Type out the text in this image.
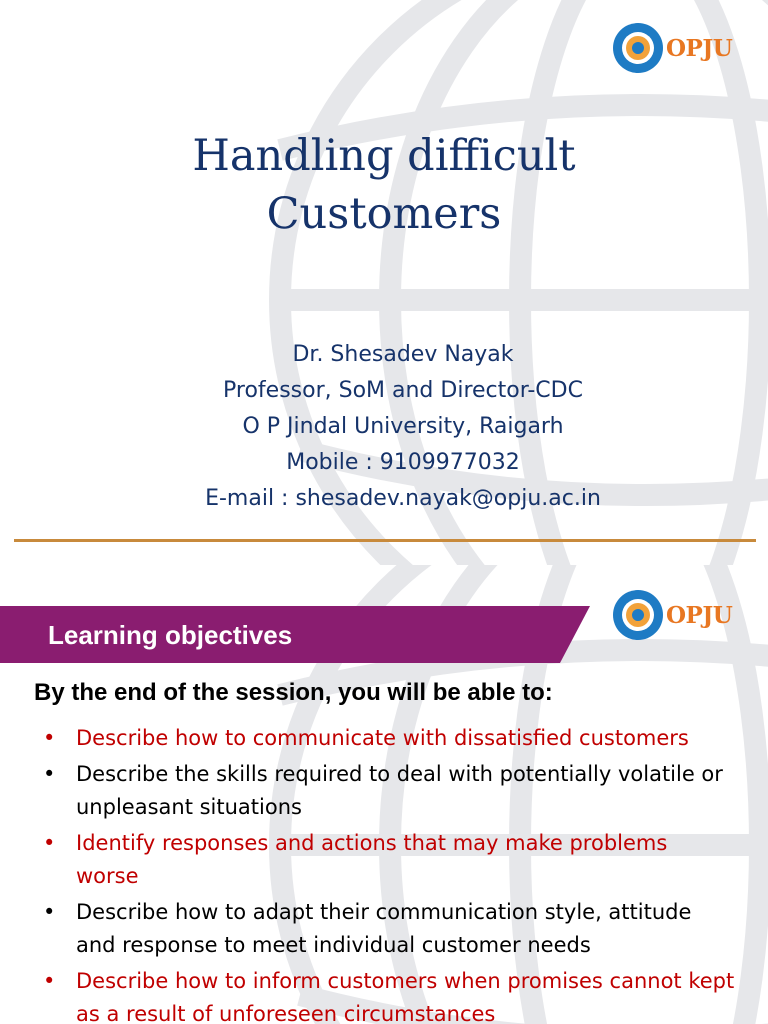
OPJU
Handling difficult
Customers
Dr. Shesadev Nayak
Professor, SoM and Director-CDC
O P Jindal University, Raigarh
Mobile : 9109977032
E-mail : shesadev.nayak@opju.ac.in
Learning objectives
OPJU
By the end of the session, you will be able to:
• Describe how to communicate with dissatisfied customers
• Describe the skills required to deal with potentially volatile or unpleasant situations
• Identify responses and actions that may make problems worse
• Describe how to adapt their communication style, attitude and response to meet individual customer needs
• Describe how to inform customers when promises cannot kept as a result of unforeseen circumstances
